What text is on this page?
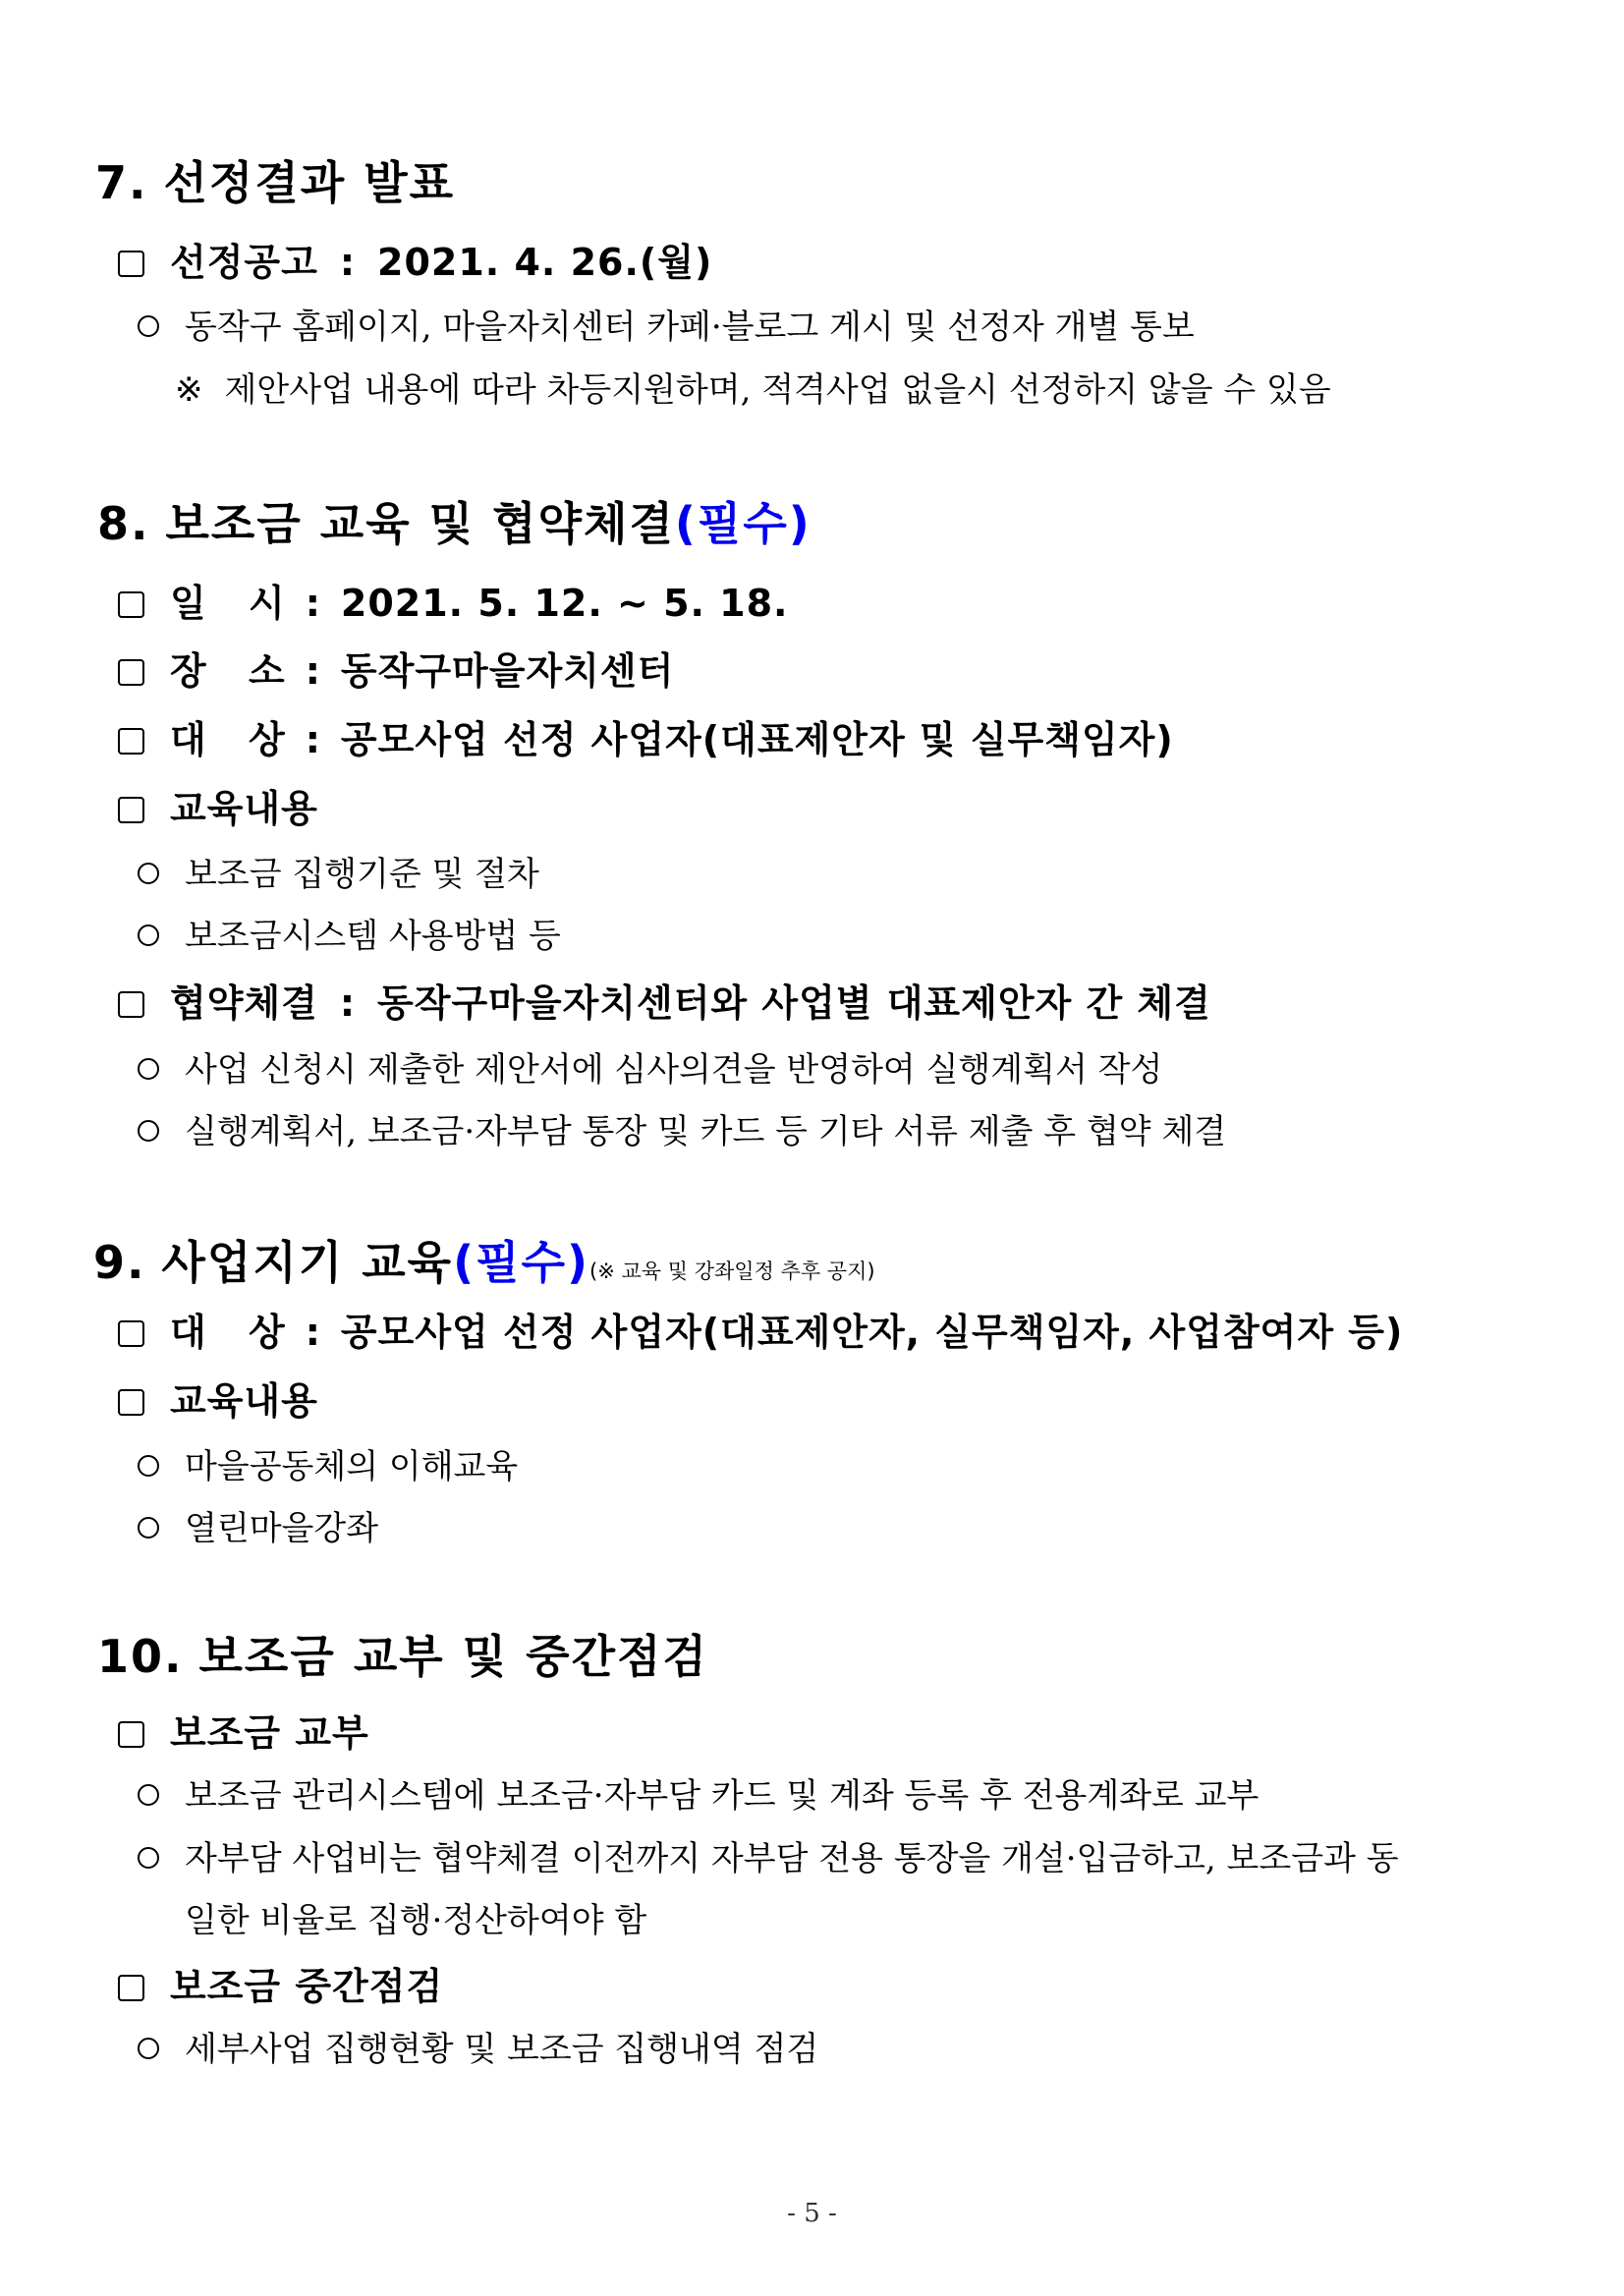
7. 선정결과 발표
선정공고 : 2021. 4. 26.(월)
동작구 홈페이지, 마을자치센터 카페·블로그 게시 및 선정자 개별 통보
※ 제안사업 내용에 따라 차등지원하며, 적격사업 없을시 선정하지 않을 수 있음
8. 보조금 교육 및 협약체결(필수)
일 시 : 2021. 5. 12. ~ 5. 18.
장 소 : 동작구마을자치센터
대 상 : 공모사업 선정 사업자(대표제안자 및 실무책임자)
교육내용
보조금 집행기준 및 절차
보조금시스템 사용방법 등
협약체결 : 동작구마을자치센터와 사업별 대표제안자 간 체결
사업 신청시 제출한 제안서에 심사의견을 반영하여 실행계획서 작성
실행계획서, 보조금·자부담 통장 및 카드 등 기타 서류 제출 후 협약 체결
9. 사업지기 교육(필수)(※ 교육 및 강좌일정 추후 공지)
대 상 : 공모사업 선정 사업자(대표제안자, 실무책임자, 사업참여자 등)
교육내용
마을공동체의 이해교육
열린마을강좌
10. 보조금 교부 및 중간점검
보조금 교부
보조금 관리시스템에 보조금·자부담 카드 및 계좌 등록 후 전용계좌로 교부
자부담 사업비는 협약체결 이전까지 자부담 전용 통장을 개설·입금하고, 보조금과 동
일한 비율로 집행·정산하여야 함
보조금 중간점검
세부사업 집행현황 및 보조금 집행내역 점검
- 5 -
